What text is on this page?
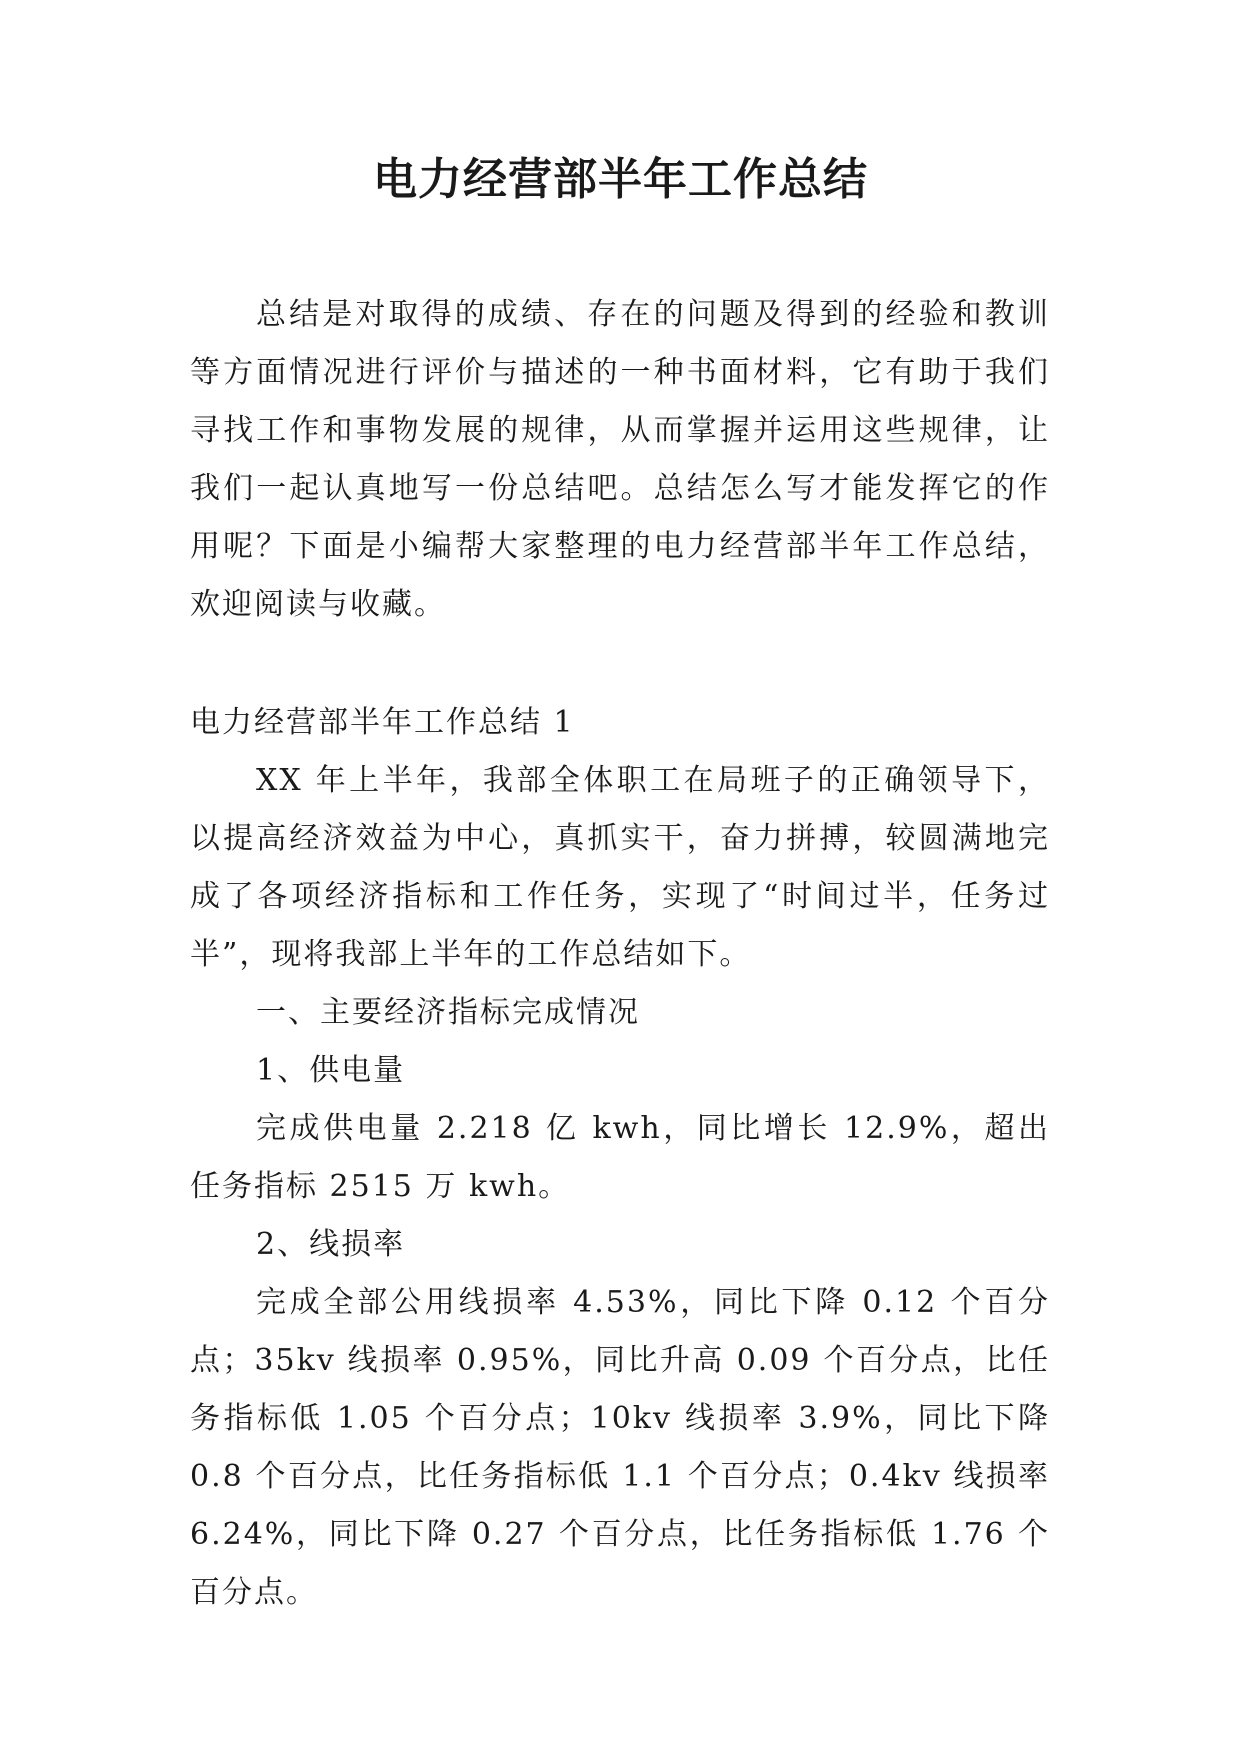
电力经营部半年工作总结

总结是对取得的成绩、存在的问题及得到的经验和教训等方面情况进行评价与描述的一种书面材料，它有助于我们寻找工作和事物发展的规律，从而掌握并运用这些规律，让我们一起认真地写一份总结吧。总结怎么写才能发挥它的作用呢？下面是小编帮大家整理的电力经营部半年工作总结，欢迎阅读与收藏。

电力经营部半年工作总结 1

XX 年上半年，我部全体职工在局班子的正确领导下，以提高经济效益为中心，真抓实干，奋力拼搏，较圆满地完成了各项经济指标和工作任务，实现了“时间过半，任务过半”，现将我部上半年的工作总结如下。

一、主要经济指标完成情况

1、供电量

完成供电量 2.218 亿 kwh，同比增长 12.9%，超出任务指标 2515 万 kwh。

2、线损率

完成全部公用线损率 4.53%，同比下降 0.12 个百分点；35kv 线损率 0.95%，同比升高 0.09 个百分点，比任务指标低 1.05 个百分点；10kv 线损率 3.9%，同比下降 0.8 个百分点，比任务指标低 1.1 个百分点；0.4kv 线损率 6.24%，同比下降 0.27 个百分点，比任务指标低 1.76 个百分点。
